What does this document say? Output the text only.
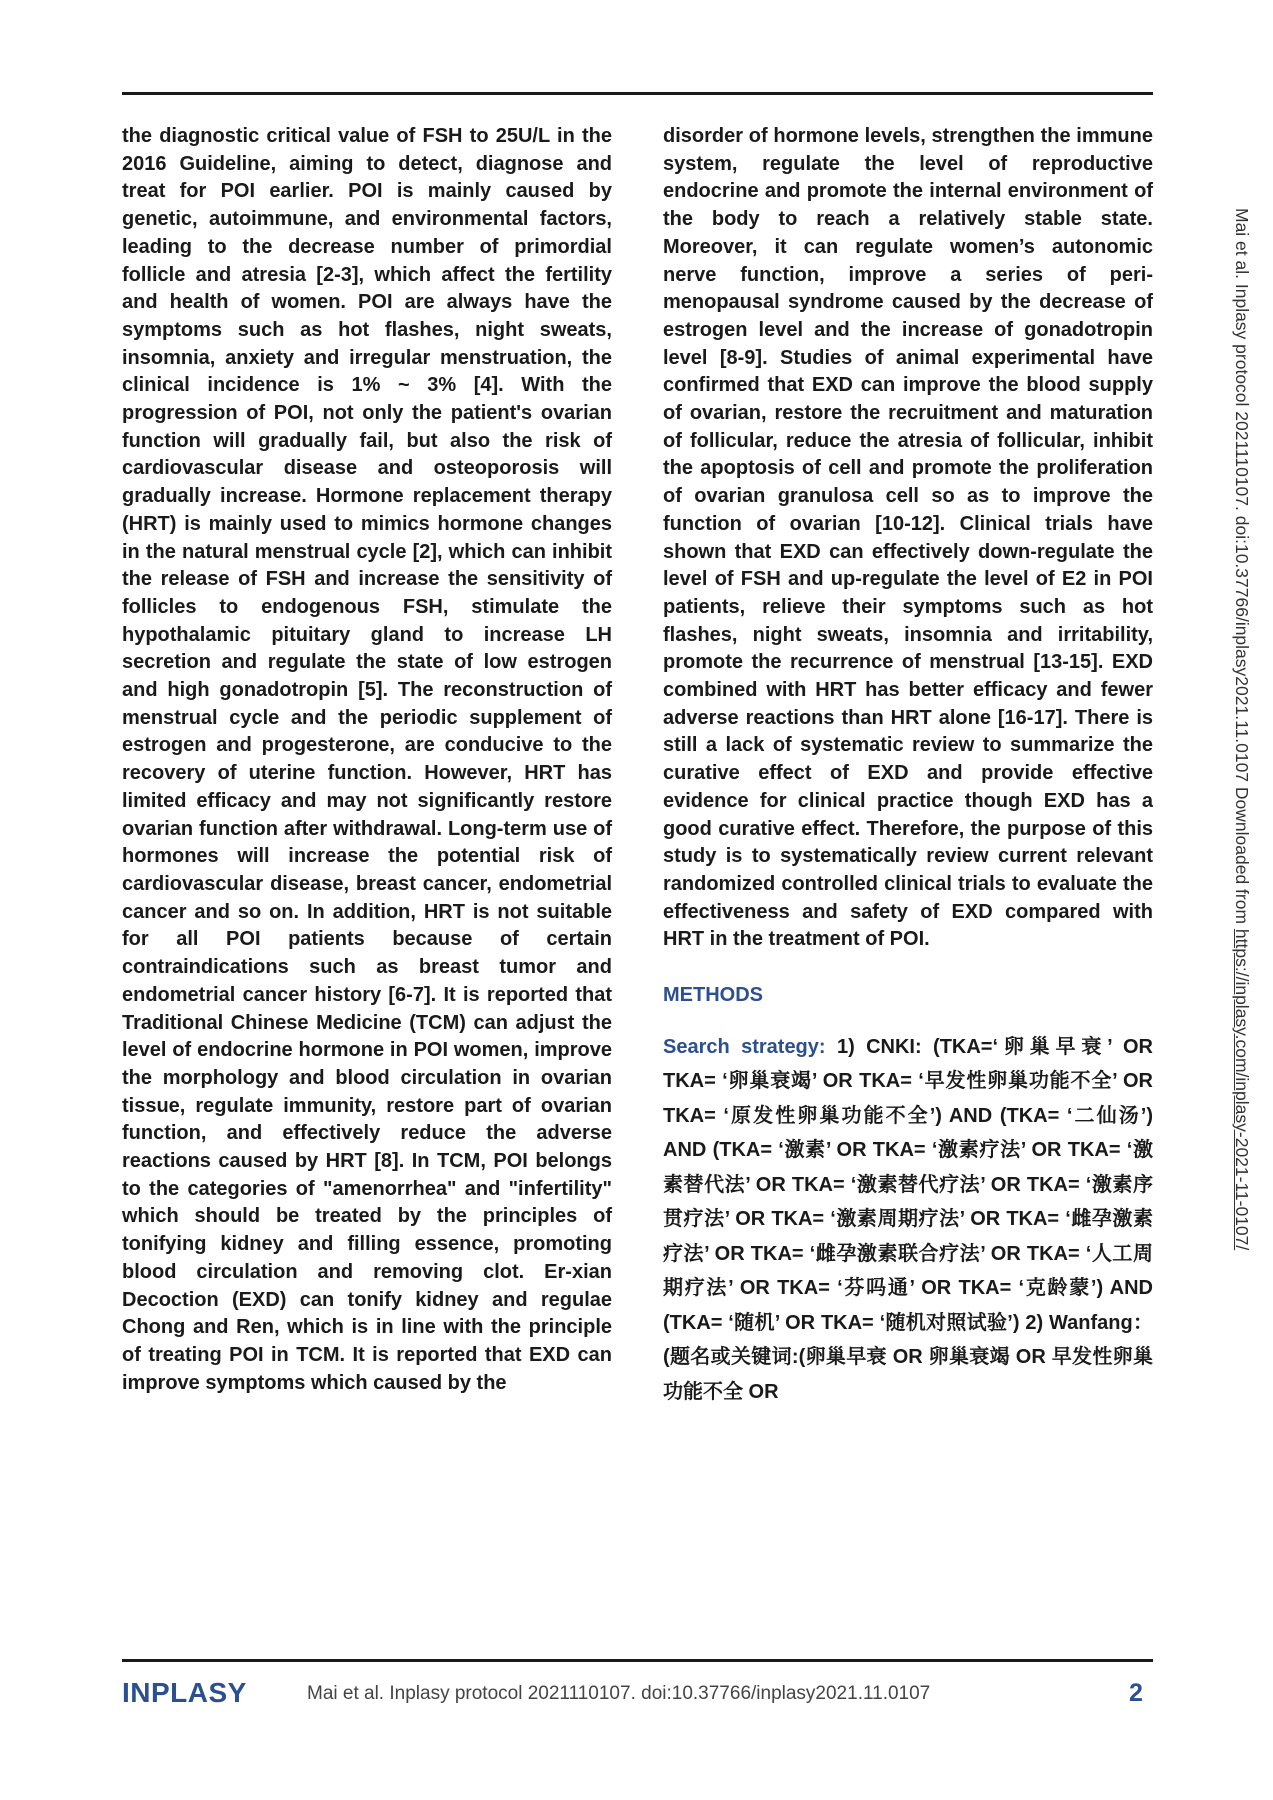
the diagnostic critical value of FSH to 25U/L in the 2016 Guideline, aiming to detect, diagnose and treat for POI earlier. POI is mainly caused by genetic, autoimmune, and environmental factors, leading to the decrease number of primordial follicle and atresia [2-3], which affect the fertility and health of women. POI are always have the symptoms such as hot flashes, night sweats, insomnia, anxiety and irregular menstruation, the clinical incidence is 1% ~ 3% [4]. With the progression of POI, not only the patient's ovarian function will gradually fail, but also the risk of cardiovascular disease and osteoporosis will gradually increase. Hormone replacement therapy (HRT) is mainly used to mimics hormone changes in the natural menstrual cycle [2], which can inhibit the release of FSH and increase the sensitivity of follicles to endogenous FSH, stimulate the hypothalamic pituitary gland to increase LH secretion and regulate the state of low estrogen and high gonadotropin [5]. The reconstruction of menstrual cycle and the periodic supplement of estrogen and progesterone, are conducive to the recovery of uterine function. However, HRT has limited efficacy and may not significantly restore ovarian function after withdrawal. Long-term use of hormones will increase the potential risk of cardiovascular disease, breast cancer, endometrial cancer and so on. In addition, HRT is not suitable for all POI patients because of certain contraindications such as breast tumor and endometrial cancer history [6-7]. It is reported that Traditional Chinese Medicine (TCM) can adjust the level of endocrine hormone in POI women, improve the morphology and blood circulation in ovarian tissue, regulate immunity, restore part of ovarian function, and effectively reduce the adverse reactions caused by HRT [8]. In TCM, POI belongs to the categories of "amenorrhea" and "infertility" which should be treated by the principles of tonifying kidney and filling essence, promoting blood circulation and removing clot. Er-xian Decoction (EXD) can tonify kidney and regulae Chong and Ren, which is in line with the principle of treating POI in TCM. It is reported that EXD can improve symptoms which caused by the

disorder of hormone levels, strengthen the immune system, regulate the level of reproductive endocrine and promote the internal environment of the body to reach a relatively stable state. Moreover, it can regulate women’s autonomic nerve function, improve a series of peri-menopausal syndrome caused by the decrease of estrogen level and the increase of gonadotropin level [8-9]. Studies of animal experimental have confirmed that EXD can improve the blood supply of ovarian, restore the recruitment and maturation of follicular, reduce the atresia of follicular, inhibit the apoptosis of cell and promote the proliferation of ovarian granulosa cell so as to improve the function of ovarian [10-12]. Clinical trials have shown that EXD can effectively down-regulate the level of FSH and up-regulate the level of E2 in POI patients, relieve their symptoms such as hot flashes, night sweats, insomnia and irritability, promote the recurrence of menstrual [13-15]. EXD combined with HRT has better efficacy and fewer adverse reactions than HRT alone [16-17]. There is still a lack of systematic review to summarize the curative effect of EXD and provide effective evidence for clinical practice though EXD has a good curative effect. Therefore, the purpose of this study is to systematically review current relevant randomized controlled clinical trials to evaluate the effectiveness and safety of EXD compared with HRT in the treatment of POI.

METHODS

Search strategy: 1) CNKI: (TKA=‘卵巢早衰’ OR TKA= ‘卵巢衰竭’ OR TKA= ‘早发性卵巢功能不全’ OR TKA= ‘原发性卵巢功能不全’) AND (TKA= ‘二仙汤’) AND (TKA= ‘激素’ OR TKA= ‘激素疗法’ OR TKA= ‘激素替代法’ OR TKA= ‘激素替代疗法’ OR TKA= ‘激素序贯疗法’ OR TKA= ‘激素周期疗法’ OR TKA= ‘雌孕激素疗法’ OR TKA= ‘雌孕激素联合疗法’ OR TKA= ‘人工周期疗法’ OR TKA= ‘芬吗通’ OR TKA= ‘克龄蒙’) AND (TKA= ‘随机’ OR TKA= ‘随机对照试验’) 2) Wanfang：(题名或关键词:(卵巢早衰 OR 卵巢衰竭 OR 早发性卵巢功能不全 OR

Mai et al. Inplasy protocol 2021110107. doi:10.37766/inplasy2021.11.0107 Downloaded from https://inplasy.com/inplasy-2021-11-0107/
INPLASY	Mai et al. Inplasy protocol 2021110107. doi:10.37766/inplasy2021.11.0107	2
